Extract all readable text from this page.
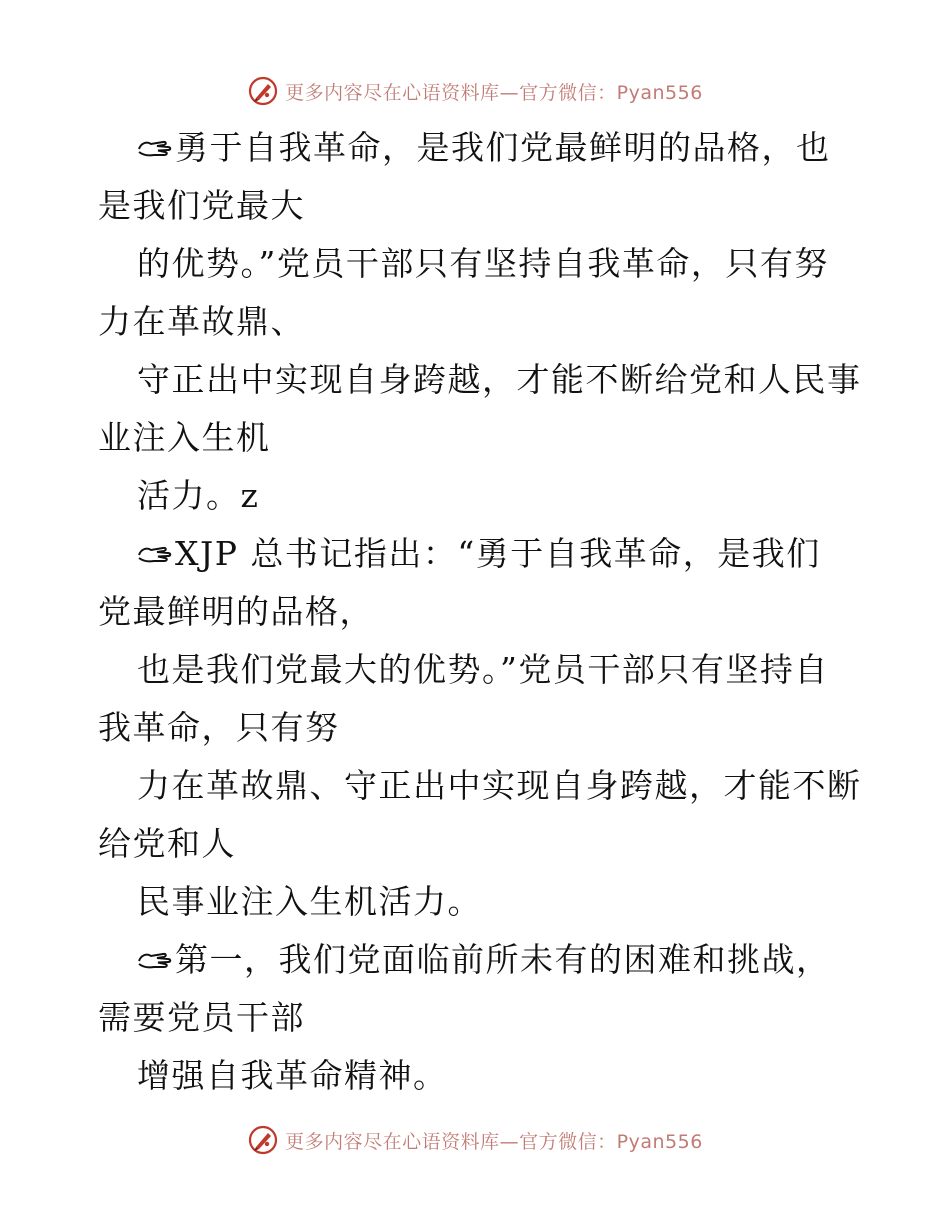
更多内容尽在心语资料库—官方微信：Pyan556
勇于自我革命，是我们党最鲜明的品格，也
是我们党最大
的优势。”党员干部只有坚持自我革命，只有努
力在革故鼎、
守正出中实现自身跨越，才能不断给党和人民事
业注入生机
活力。z
XJP 总书记指出：“勇于自我革命，是我们
党最鲜明的品格，
也是我们党最大的优势。”党员干部只有坚持自
我革命，只有努
力在革故鼎、守正出中实现自身跨越，才能不断
给党和人
民事业注入生机活力。
第一，我们党面临前所未有的困难和挑战，
需要党员干部
增强自我革命精神。
更多内容尽在心语资料库—官方微信：Pyan556
